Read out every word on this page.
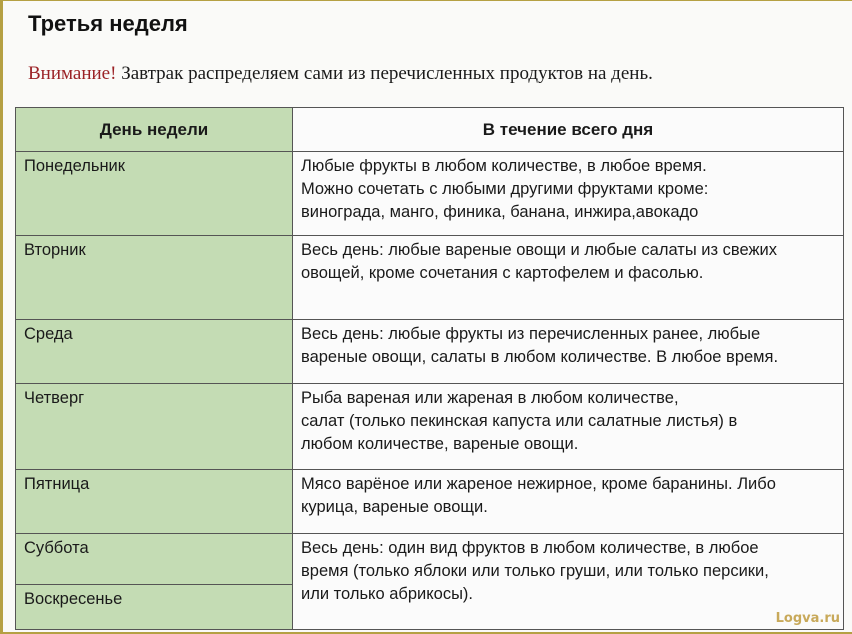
Третья неделя
Внимание! Завтрак распределяем сами из перечисленных продуктов на день.
День недели	В течение всего дня
Понедельник	Любые фрукты в любом количестве, в любое время.
Можно сочетать с любыми другими фруктами кроме:
винограда, манго, финика, банана, инжира,авокадо

Вторник	Весь день: любые вареные овощи и любые салаты из свежих
овощей, кроме сочетания с картофелем и фасолью.

Среда	Весь день: любые фрукты из перечисленных ранее, любые
вареные овощи, салаты в любом количестве. В любое время.

Четверг	Рыба вареная или жареная в любом количестве,
салат (только пекинская капуста или салатные листья) в
любом количестве, вареные овощи.

Пятница	Мясо варёное или жареное нежирное, кроме баранины. Либо
курица, вареные овощи.

Суббота	Весь день: один вид фруктов в любом количестве, в любое
время (только яблоки или только груши, или только персики,
или только абрикосы).

Воскресенье	
Logva.ru
